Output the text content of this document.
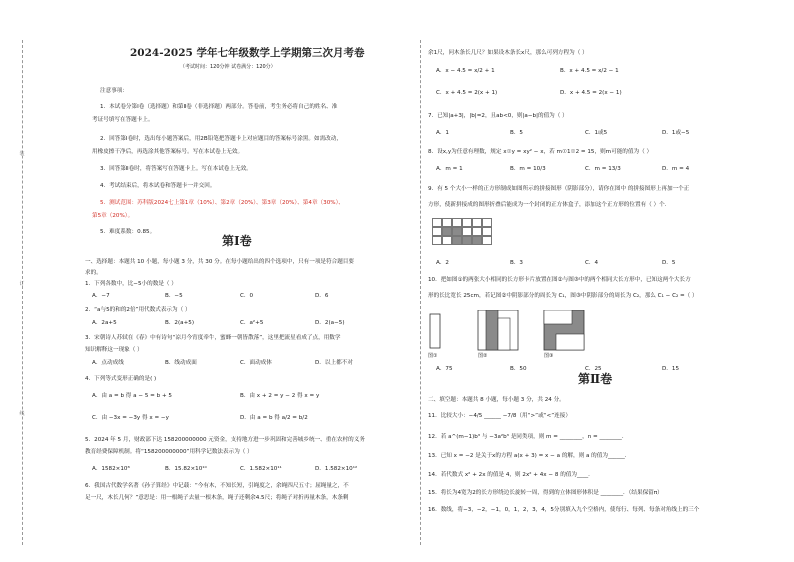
装
订
线
2024-2025 学年七年级数学上学期第三次月考卷
（考试时间：120分钟 试卷满分：120分）
注意事项：
1．本试卷分第Ⅰ卷（选择题）和第Ⅱ卷（非选择题）两部分。答卷前，考生务必将自己的姓名、准
考证号填写在答题卡上。
2．回答第Ⅰ卷时，选出每小题答案后，用2B铅笔把答题卡上对应题目的答案标号涂黑。如需改动，
用橡皮擦干净后，再选涂其他答案标号。写在本试卷上无效。
3．回答第Ⅱ卷时，将答案写在答题卡上。写在本试卷上无效。
4．考试结束后，将本试卷和答题卡一并交回。
5．测试范围：苏科版2024七上第1章（10%）、第2章（20%）、第3章（20%）、第4章（30%）、
第5章（20%）。
5．难度系数：0.85。
第Ⅰ卷
一、选择题：本题共 10 小题，每小题 3 分，共 30 分。在每小题给出的四个选项中，只有一项是符合题目要
求的。
1．下列各数中，比−5小的数是（ ）
A．−7	B．−5	C．0	D．6
2．“a与5的和的2倍”用代数式表示为（ ）
A．2a+5	B．2(a+5)	C．a²+5	D．2(a−5)
3．宋朝诗人苏轼在《春》中有诗句“凉月今宵度牵牛，蜜蜂一朝皆散落”，这里把流星看成了点，用数学
知识解释这一现象（ ）
A．点动成线	B．线动成面	C．面动成体	D．以上都不对
4．下列等式变形正确的是( )
A．由 a = b 得 a − 5 = b + 5	B．由 x + 2 = y − 2 得 x = y
C．由 −3x = −3y 得 x = −y	D．由 a = b 得 a/2 = b/2
5．2024 年 5 月，财政部下达 158200000000 元资金，支持地方进一步巩固和完善城乡统一、重在农村的义务
教育经费保障机制。将“158200000000”用科学记数法表示为（ ）
A．1582×10⁸	B．15.82×10¹⁰	C．1.582×10¹¹	D．1.582×10¹²
6．我国古代数学名著《孙子算经》中记载：“今有木，不知长短，引绳度之，余绳四尺五寸；屈绳量之，不
足一尺，木长几何？”意思是：用一根绳子去量一根木条，绳子还剩余4.5尺；将绳子对折再量木条，木条剩
余1尺，问木条长几尺？如果设木条长x尺，那么可列方程为（ ）
A．x − 4.5 = x/2 + 1	B．x + 4.5 = x/2 − 1
C．x + 4.5 = 2(x + 1)	D．x + 4.5 = 2(x − 1)
7．已知|a+3|，|b|=2，且ab<0，则|a−b|的值为（ ）
A．1	B．5	C．1或5	D．1或−5
8．设x,y为任意有理数，规定 x☉y = xy² − x，若 m☉1☉2 = 15，则m可能的值为（ ）
A．m = 1	B．m = 10/3	C．m = 13/3	D．m = 4
9．有 5 个大小一样的正方形制成如图所示的拼接图形（阴影部分），请你在图中 的拼接图形上再加一个正
方形，使新拼接成的图形折叠后能成为一个封闭的正方体盒子，添加这个正方形的位置有（ ）个.
A．2	B．3	C．4	D．5
10．把如图①的两张大小相同的长方形卡片放置在图②与图③中的两个相同大长方形中，已知这两个大长方
形的长比宽长 25cm，若记图②中阴影部分的周长为 C₁，图③中阴影部分的周长为 C₂，那么 C₁ − C₂ =（ ）
图①	图②	图③
A．75	B．50	C．25	D．15
第Ⅱ卷
二、填空题：本题共 8 小题，每小题 3 分，共 24 分。
11．比较大小：−4/5 ______ −7/8（用“>”或“<”连接）
12．若 a^(m−1)b³ 与 −3a²b³ 是同类项，则 m = ________，n = ________.
13．已知 x = −2 是关于x的方程 a(x + 3) = x − a 的解，则 a 的值为______.
14．若代数式 x² + 2x 的值是 4，则 2x² + 4x − 8 的值为____.
15．将长为4宽为2的长方形绕边长旋转一周，得到的立体图形体积是 ________．（结果保留π）
16．数线，将−3，−2，−1，0，1，2，3，4，5分别填入九个空格内，使每行、每列、每条对角线上的三个
